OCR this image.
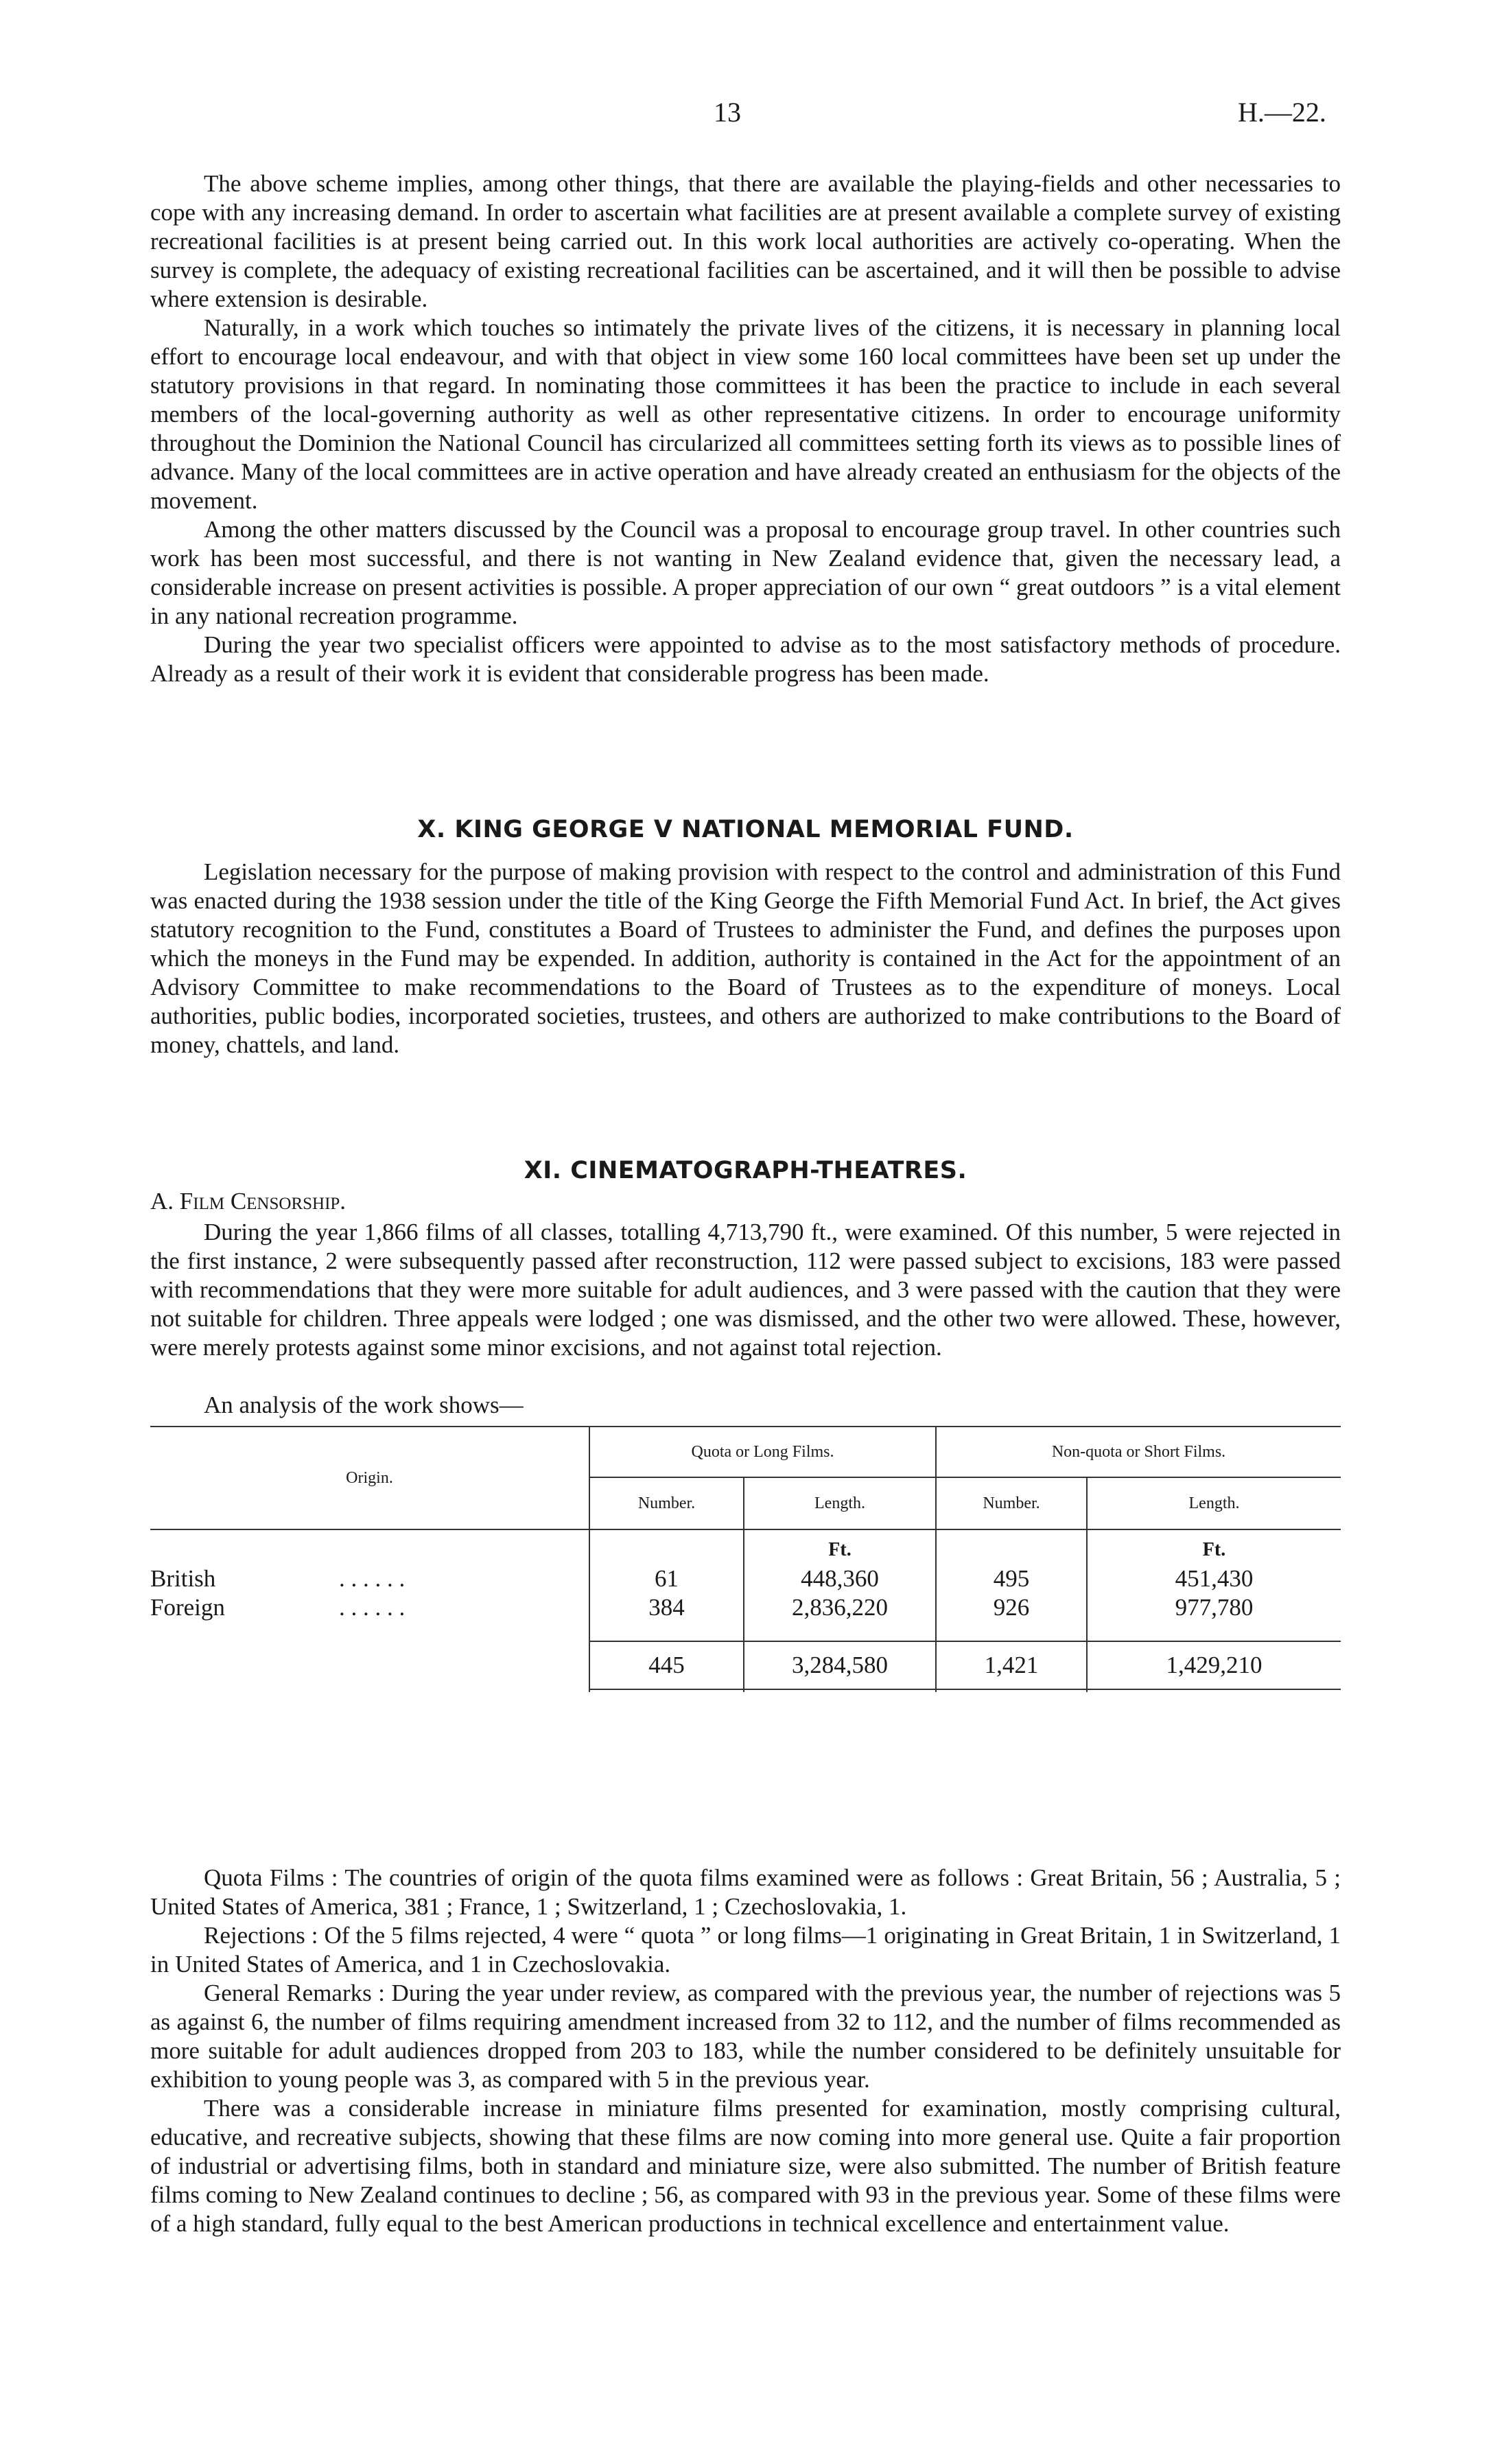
13	H.—22.

The above scheme implies, among other things, that there are available the playing-fields and other necessaries to cope with any increasing demand. In order to ascertain what facilities are at present available a complete survey of existing recreational facilities is at present being carried out. In this work local authorities are actively co-operating. When the survey is complete, the adequacy of existing recreational facilities can be ascertained, and it will then be possible to advise where extension is desirable.

Naturally, in a work which touches so intimately the private lives of the citizens, it is necessary in planning local effort to encourage local endeavour, and with that object in view some 160 local committees have been set up under the statutory provisions in that regard. In nominating those committees it has been the practice to include in each several members of the local-governing authority as well as other representative citizens. In order to encourage uniformity throughout the Dominion the National Council has circularized all committees setting forth its views as to possible lines of advance. Many of the local committees are in active operation and have already created an enthusiasm for the objects of the movement.

Among the other matters discussed by the Council was a proposal to encourage group travel. In other countries such work has been most successful, and there is not wanting in New Zealand evidence that, given the necessary lead, a considerable increase on present activities is possible. A proper appreciation of our own “ great outdoors ” is a vital element in any national recreation programme.

During the year two specialist officers were appointed to advise as to the most satisfactory methods of procedure. Already as a result of their work it is evident that considerable progress has been made.

X. KING GEORGE V NATIONAL MEMORIAL FUND.

Legislation necessary for the purpose of making provision with respect to the control and administration of this Fund was enacted during the 1938 session under the title of the King George the Fifth Memorial Fund Act. In brief, the Act gives statutory recognition to the Fund, constitutes a Board of Trustees to administer the Fund, and defines the purposes upon which the moneys in the Fund may be expended. In addition, authority is contained in the Act for the appointment of an Advisory Committee to make recommendations to the Board of Trustees as to the expenditure of moneys. Local authorities, public bodies, incorporated societies, trustees, and others are authorized to make contributions to the Board of money, chattels, and land.

XI. CINEMATOGRAPH-THEATRES.
A. Film Censorship.

During the year 1,866 films of all classes, totalling 4,713,790 ft., were examined. Of this number, 5 were rejected in the first instance, 2 were subsequently passed after reconstruction, 112 were passed subject to excisions, 183 were passed with recommendations that they were more suitable for adult audiences, and 3 were passed with the caution that they were not suitable for children. Three appeals were lodged ; one was dismissed, and the other two were allowed. These, however, were merely protests against some minor excisions, and not against total rejection.

An analysis of the work shows—
Origin.	Quota or Long Films.		Non-quota or Short Films.	
	Number.	Length.	Number.	Length.
		Ft.		Ft.
British . . . . . .	61	448,360	495	451,430
Foreign . . . . . .	384	2,836,220	926	977,780

	445	3,284,580	1,421	1,429,210

Quota Films : The countries of origin of the quota films examined were as follows : Great Britain, 56 ; Australia, 5 ; United States of America, 381 ; France, 1 ; Switzerland, 1 ; Czechoslovakia, 1.

Rejections : Of the 5 films rejected, 4 were “ quota ” or long films—1 originating in Great Britain, 1 in Switzerland, 1 in United States of America, and 1 in Czechoslovakia.

General Remarks : During the year under review, as compared with the previous year, the number of rejections was 5 as against 6, the number of films requiring amendment increased from 32 to 112, and the number of films recommended as more suitable for adult audiences dropped from 203 to 183, while the number considered to be definitely unsuitable for exhibition to young people was 3, as compared with 5 in the previous year.

There was a considerable increase in miniature films presented for examination, mostly comprising cultural, educative, and recreative subjects, showing that these films are now coming into more general use. Quite a fair proportion of industrial or advertising films, both in standard and miniature size, were also submitted. The number of British feature films coming to New Zealand continues to decline ; 56, as compared with 93 in the previous year. Some of these films were of a high standard, fully equal to the best American productions in technical excellence and entertainment value.
